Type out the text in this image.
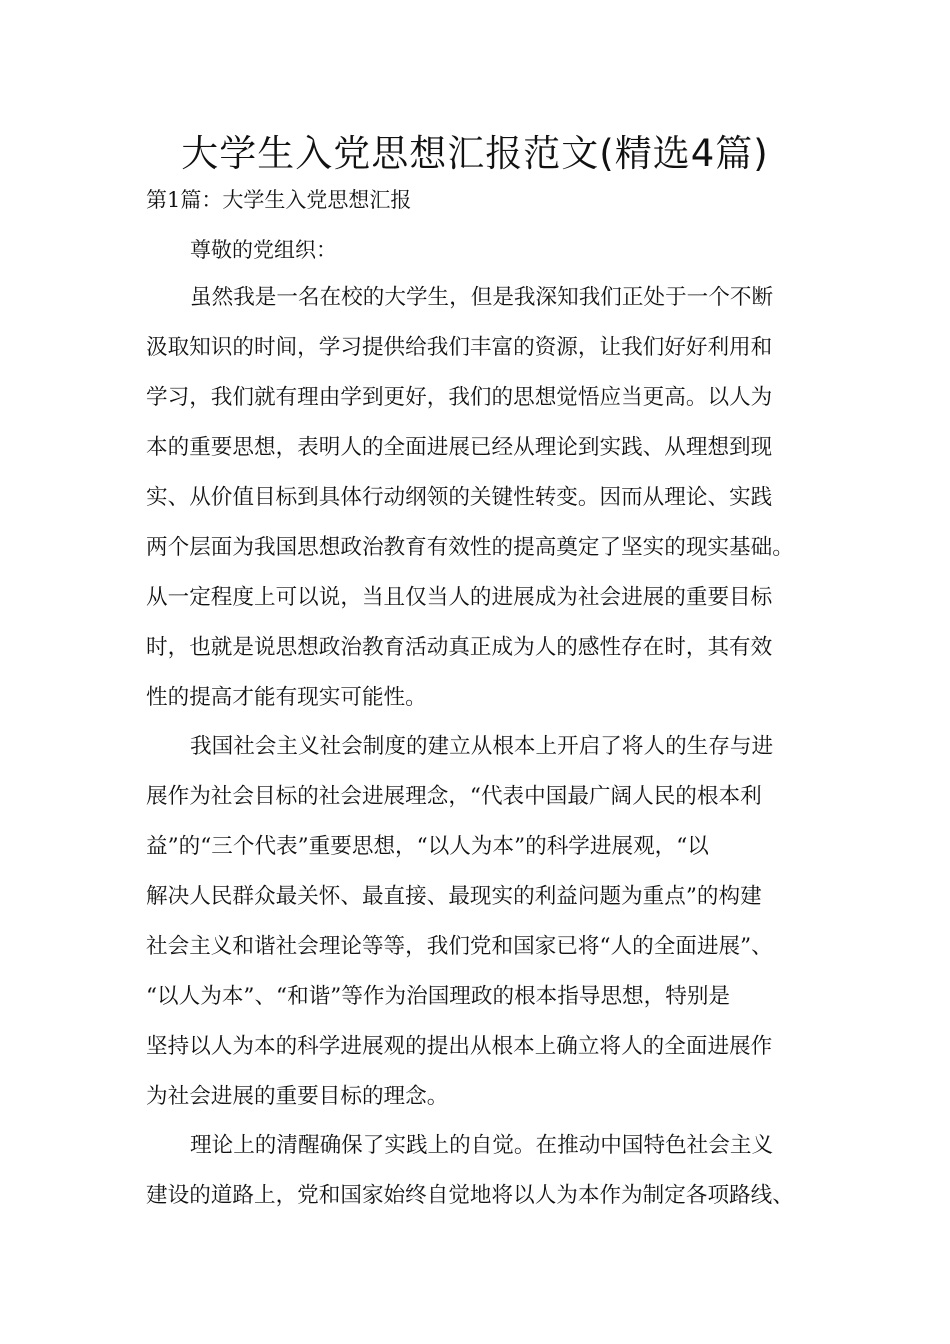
大学生入党思想汇报范文(精选4篇)
第1篇：大学生入党思想汇报
尊敬的党组织：
虽然我是一名在校的大学生，但是我深知我们正处于一个不断
汲取知识的时间，学习提供给我们丰富的资源，让我们好好利用和
学习，我们就有理由学到更好，我们的思想觉悟应当更高。以人为
本的重要思想，表明人的全面进展已经从理论到实践、从理想到现
实、从价值目标到具体行动纲领的关键性转变。因而从理论、实践
两个层面为我国思想政治教育有效性的提高奠定了坚实的现实基础。
从一定程度上可以说，当且仅当人的进展成为社会进展的重要目标
时，也就是说思想政治教育活动真正成为人的感性存在时，其有效
性的提高才能有现实可能性。
我国社会主义社会制度的建立从根本上开启了将人的生存与进
展作为社会目标的社会进展理念，“代表中国最广阔人民的根本利
益”的“三个代表”重要思想，“以人为本”的科学进展观，“以
解决人民群众最关怀、最直接、最现实的利益问题为重点”的构建
社会主义和谐社会理论等等，我们党和国家已将“人的全面进展”、
“以人为本”、“和谐”等作为治国理政的根本指导思想，特别是
坚持以人为本的科学进展观的提出从根本上确立将人的全面进展作
为社会进展的重要目标的理念。
理论上的清醒确保了实践上的自觉。在推动中国特色社会主义
建设的道路上，党和国家始终自觉地将以人为本作为制定各项路线、
